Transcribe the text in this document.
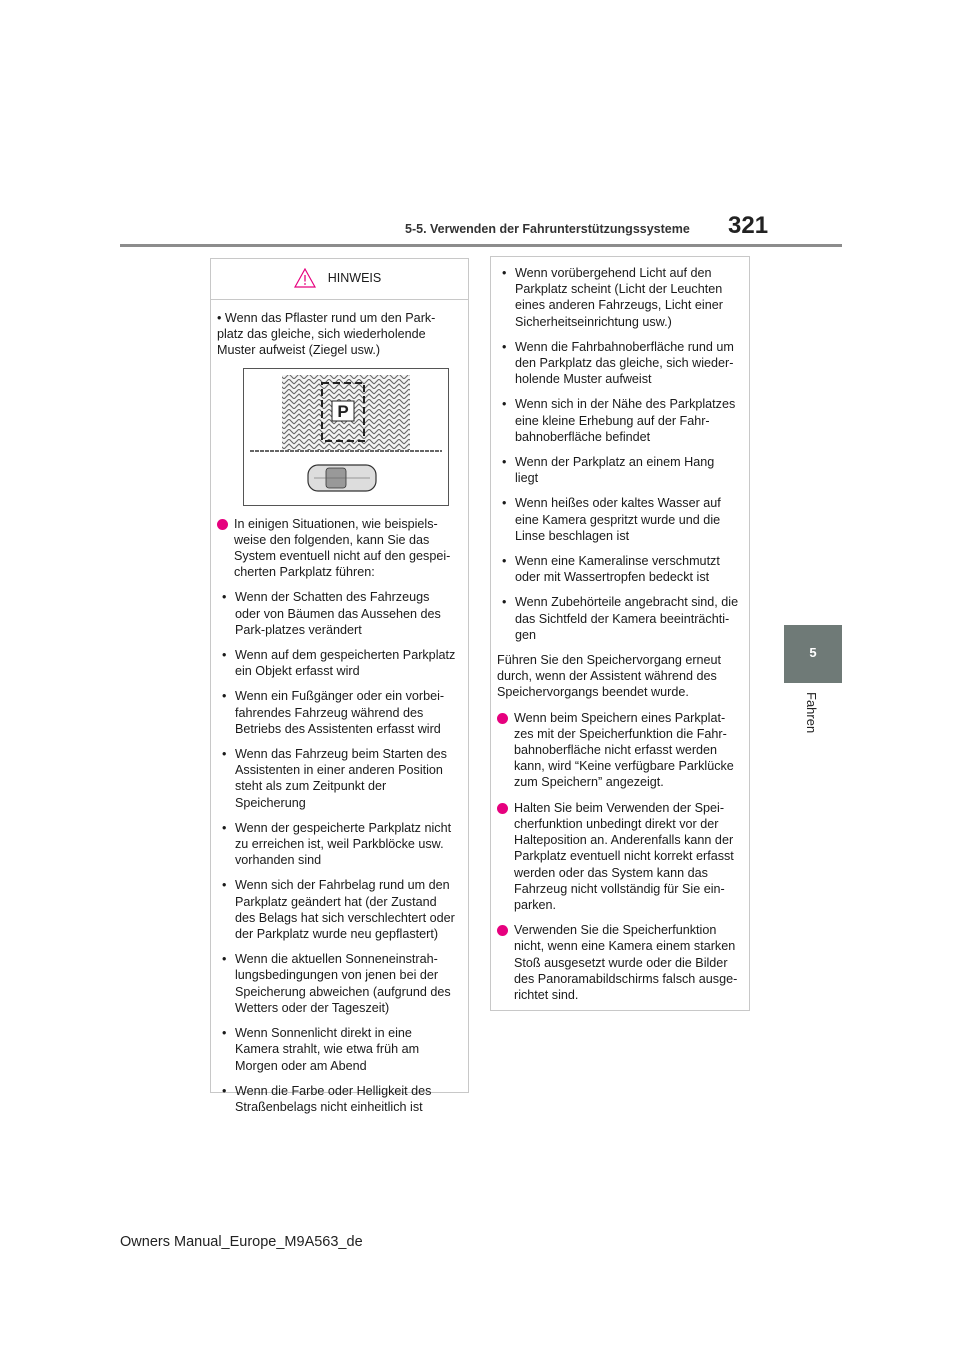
5-5. Verwenden der Fahrunterstützungssysteme 321
5
Fahren
HINWEIS
• Wenn das Pflaster rund um den Park-platz das gleiche, sich wiederholende Muster aufweist (Ziegel usw.)
P
In einigen Situationen, wie beispiels-weise den folgenden, kann Sie das System eventuell nicht auf den gespei-cherten Parkplatz führen:
• Wenn der Schatten des Fahrzeugs oder von Bäumen das Aussehen des Park-platzes verändert
• Wenn auf dem gespeicherten Parkplatz ein Objekt erfasst wird
• Wenn ein Fußgänger oder ein vorbei-fahrendes Fahrzeug während des Betriebs des Assistenten erfasst wird
• Wenn das Fahrzeug beim Starten des Assistenten in einer anderen Position steht als zum Zeitpunkt der Speicherung
• Wenn der gespeicherte Parkplatz nicht zu erreichen ist, weil Parkblöcke usw. vorhanden sind
• Wenn sich der Fahrbelag rund um den Parkplatz geändert hat (der Zustand des Belags hat sich verschlechtert oder der Parkplatz wurde neu gepflastert)
• Wenn die aktuellen Sonneneinstrah-lungsbedingungen von jenen bei der Speicherung abweichen (aufgrund des Wetters oder der Tageszeit)
• Wenn Sonnenlicht direkt in eine Kamera strahlt, wie etwa früh am Morgen oder am Abend
• Wenn die Farbe oder Helligkeit des Straßenbelags nicht einheitlich ist
• Wenn vorübergehend Licht auf den Parkplatz scheint (Licht der Leuchten eines anderen Fahrzeugs, Licht einer Sicherheitseinrichtung usw.)
• Wenn die Fahrbahnoberfläche rund um den Parkplatz das gleiche, sich wieder-holende Muster aufweist
• Wenn sich in der Nähe des Parkplatzes eine kleine Erhebung auf der Fahr-bahnoberfläche befindet
• Wenn der Parkplatz an einem Hang liegt
• Wenn heißes oder kaltes Wasser auf eine Kamera gespritzt wurde und die Linse beschlagen ist
• Wenn eine Kameralinse verschmutzt oder mit Wassertropfen bedeckt ist
• Wenn Zubehörteile angebracht sind, die das Sichtfeld der Kamera beeinträchti-gen
Führen Sie den Speichervorgang erneut durch, wenn der Assistent während des Speichervorgangs beendet wurde.
Wenn beim Speichern eines Parkplat-zes mit der Speicherfunktion die Fahr-bahnoberfläche nicht erfasst werden kann, wird “Keine verfügbare Parklücke zum Speichern” angezeigt.
Halten Sie beim Verwenden der Spei-cherfunktion unbedingt direkt vor der Halteposition an. Anderenfalls kann der Parkplatz eventuell nicht korrekt erfasst werden oder das System kann das Fahrzeug nicht vollständig für Sie ein-parken.
Verwenden Sie die Speicherfunktion nicht, wenn eine Kamera einem starken Stoß ausgesetzt wurde oder die Bilder des Panoramabildschirms falsch ausge-richtet sind.
Owners Manual_Europe_M9A563_de
